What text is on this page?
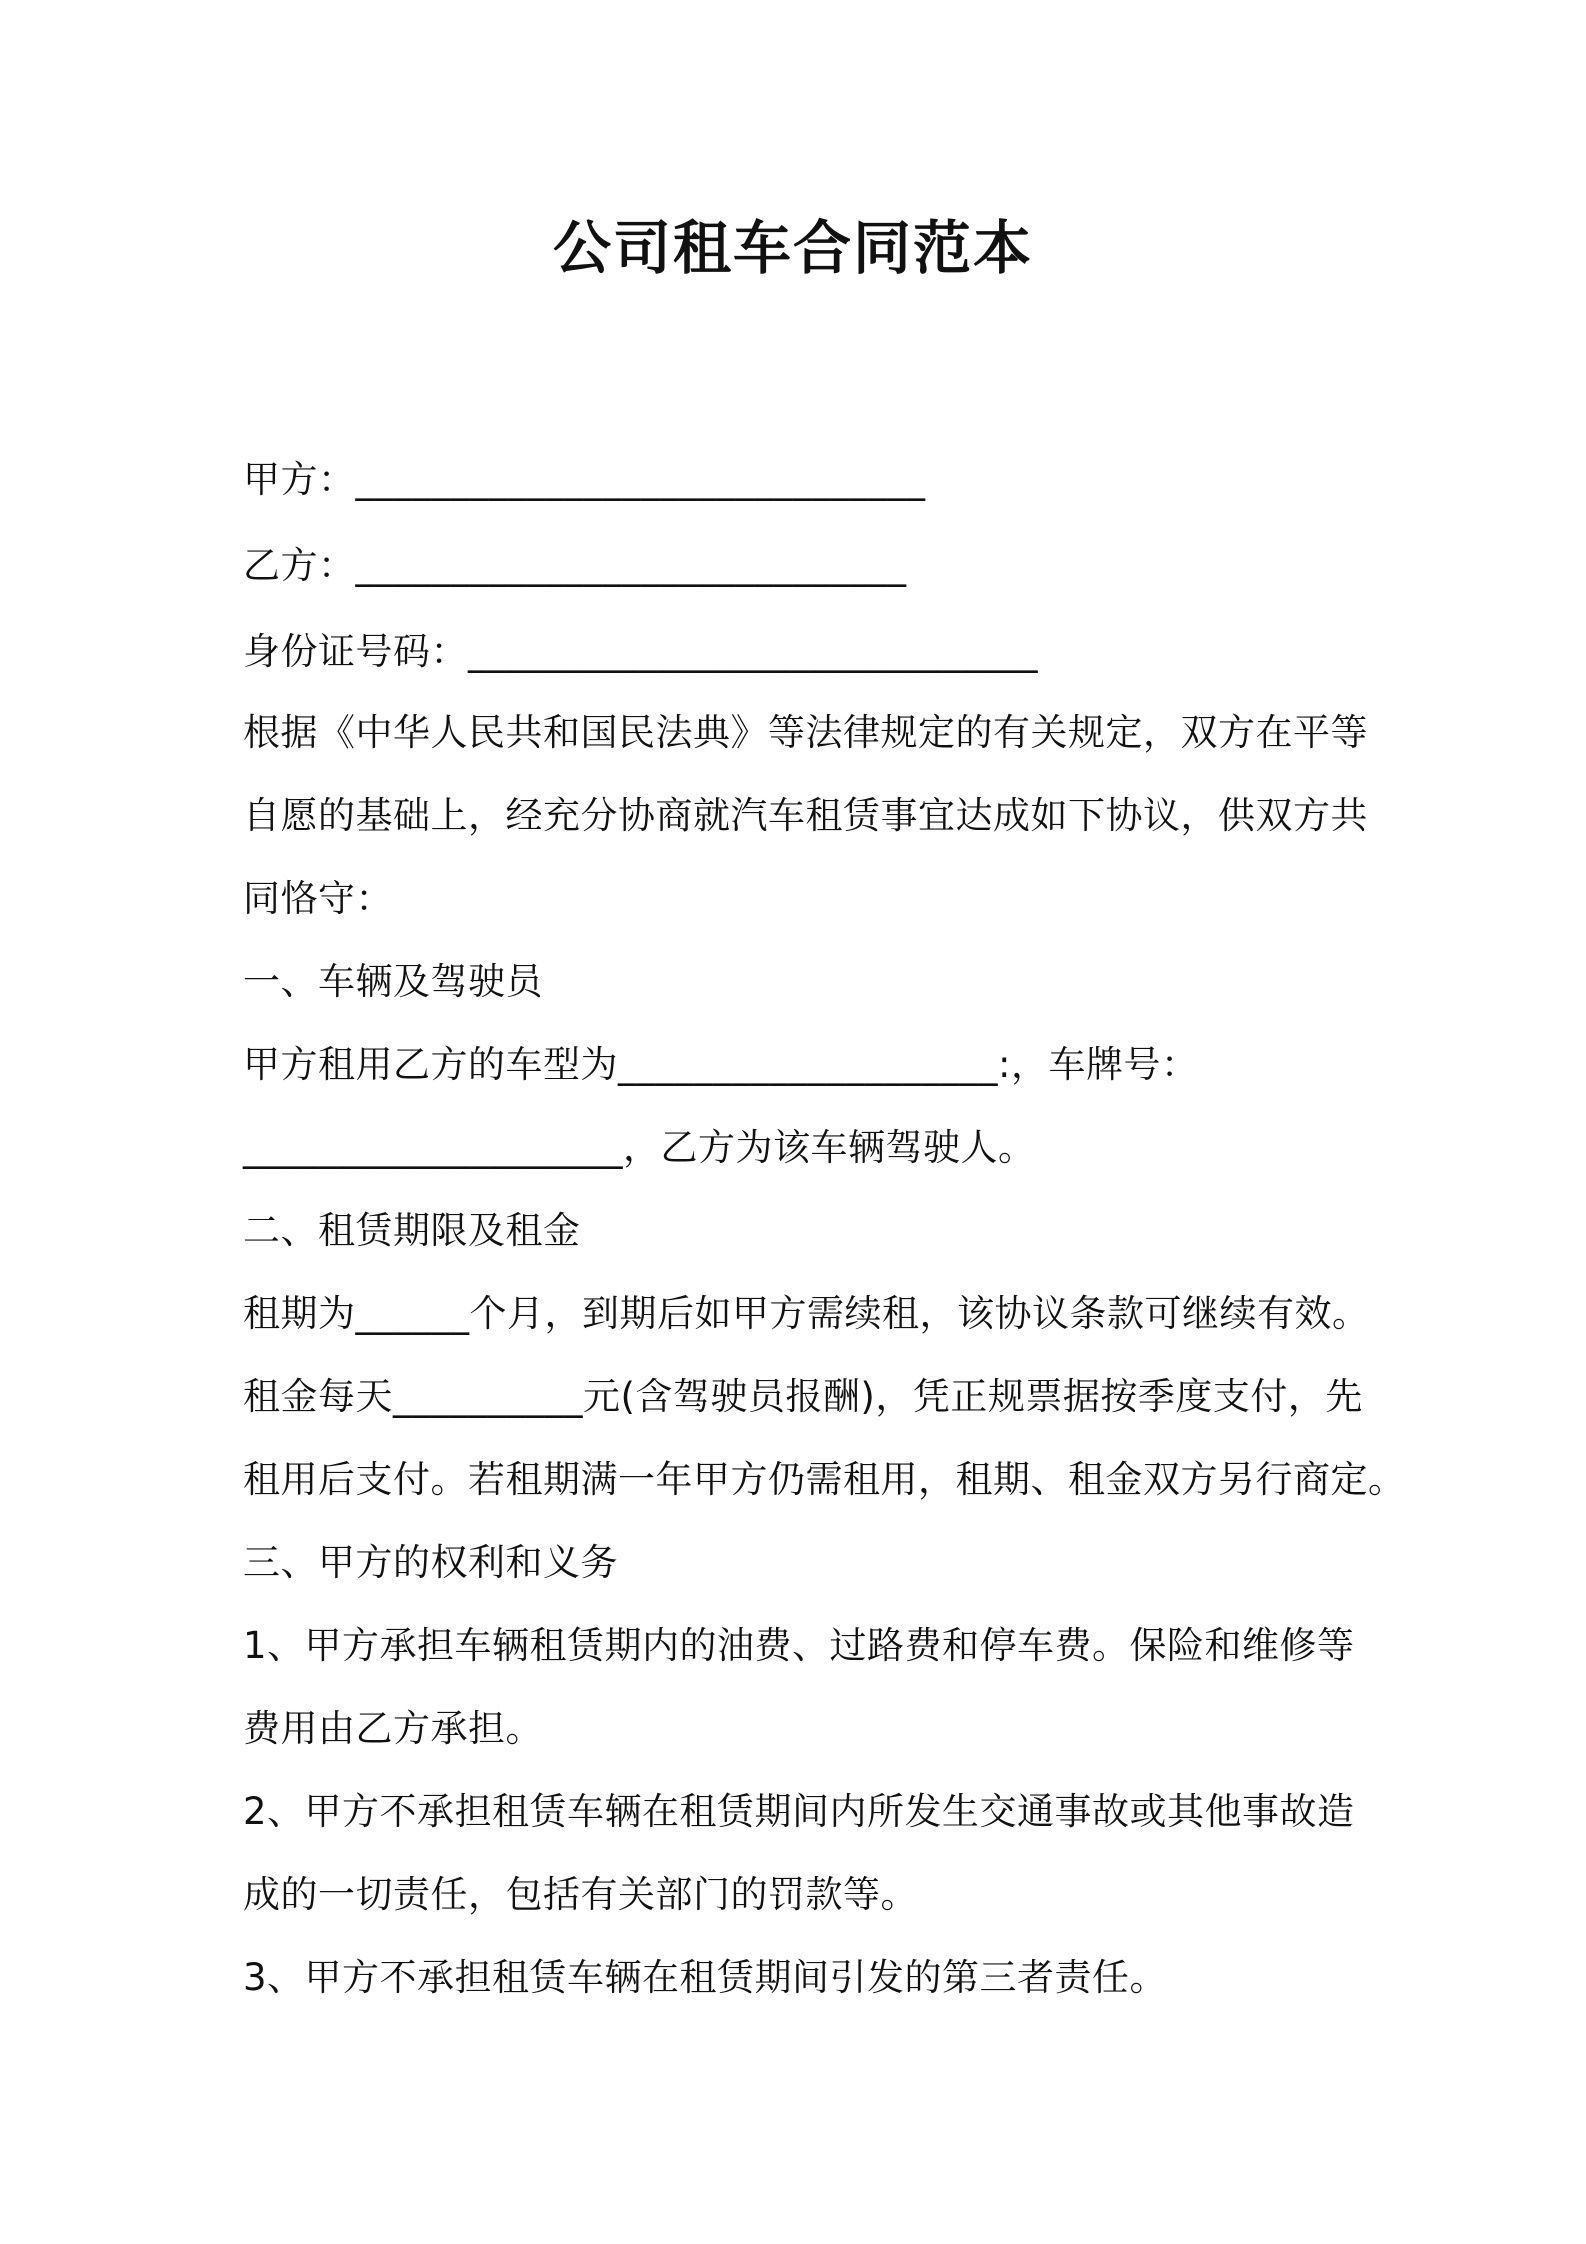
公司租车合同范本
甲方：______________________________
乙方：_____________________________
身份证号码：______________________________
根据《中华人民共和国民法典》等法律规定的有关规定，双方在平等
自愿的基础上，经充分协商就汽车租赁事宜达成如下协议，供双方共
同恪守：
一、车辆及驾驶员
甲方租用乙方的车型为____________________:，车牌号：
____________________，乙方为该车辆驾驶人。
二、租赁期限及租金
租期为______个月，到期后如甲方需续租，该协议条款可继续有效。
租金每天__________元(含驾驶员报酬)，凭正规票据按季度支付，先
租用后支付。若租期满一年甲方仍需租用，租期、租金双方另行商定。
三、甲方的权利和义务
1、甲方承担车辆租赁期内的油费、过路费和停车费。保险和维修等
费用由乙方承担。
2、甲方不承担租赁车辆在租赁期间内所发生交通事故或其他事故造
成的一切责任，包括有关部门的罚款等。
3、甲方不承担租赁车辆在租赁期间引发的第三者责任。
